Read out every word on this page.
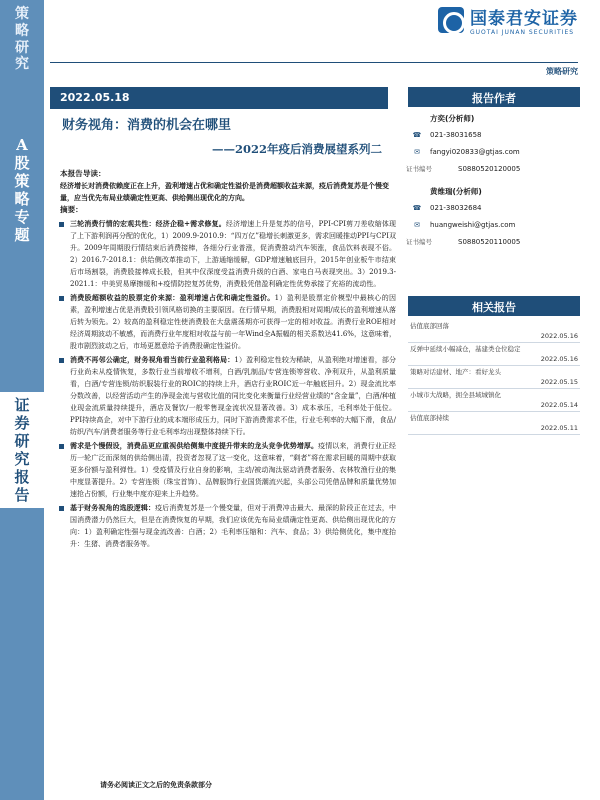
策
略
研
究
A
股
策
略
专
题
证
券
研
究
报
告
国泰君安证券
GUOTAI JUNAN SECURITIES
策略研究
2022.05.18
财务视角：消费的机会在哪里
——2022年疫后消费展望系列二
本报告导读：
经济增长对消费依赖度正在上升，盈利增速占优和确定性溢价是消费超额收益来源，疫后消费复苏是个慢变量，应当优先布局业绩确定性更高、供给侧出现优化的方向。
摘要：
三轮消费行情的宏观共性：经济企稳+需求修复。经济增速上升是复苏的信号，PPI-CPI剪刀差收缩体现了上下游利润再分配的优化，1）2009.9-2010.9：“四万亿”稳增长刺激更多，需求回暖推动PPI与CPI双升。2009年周期股行情结束后消费接棒，各细分行业普涨，促消费推动汽车领涨，食品饮料表现不俗。2）2016.7-2018.1：供给侧改革推动下，上游通缩缓解，GDP增速触底回升，2015年创业板牛市结束后市场割裂，消费股接棒成长股，但其中仅深度受益消费升级的白酒、家电白马表现突出。3）2019.3-2021.1：中美贸易摩擦缓和+疫情防控复苏优势，消费股凭借盈利确定性优势承接了充裕的流动性。
消费股超额收益的股票定价来源：盈利增速占优和确定性溢价。1）盈利是股票定价模型中最核心的因素，盈利增速占优是消费股引领风格切换的主要原因。在行情早期，消费股相对周期/成长的盈利增速从落后转为领先。2）较高的盈利稳定性使消费股在大盘震荡期亦可获得一定的相对收益。消费行业ROE相对经济周期波动不敏感，而消费行业年度相对收益与前一年Wind全A振幅的相关系数达41.6%，这意味着，股市剧烈波动之后，市场更愿意给予消费股确定性溢价。
消费不再邻公确定，财务视角看当前行业盈利格局：1）盈利稳定性较为稀缺，从盈利绝对增速看，部分行业尚未从疫情恢复，多数行业当前增收不增利，白酒/乳制品/专营连锁等营收、净利双升，从盈利质量看，白酒/专营连锁/纺织服装行业的ROIC的持续上升，酒店行业ROIC近一年触底回升。2）现金流比率分数改善，以经营活动产生的净现金流与营收比值的同比变化来衡量行业经营业绩的“含金量”，白酒/种植业现金流质量持续提升，酒店及餐饮/一般零售现金流状况显著改善。3）成本承压，毛利率处于低位。PPI持续高企，对中下游行业的成本端形成压力，同时下游消费需求不佳，行业毛利率的大幅下滑，食品/纺织/汽车/消费者服务等行业毛利率均出现整体持续下行。
需求是个慢假设，消费品更应重视供给侧集中度提升带来的龙头竞争优势增厚。疫情以来，消费行业正经历一轮广泛而深刻的供给侧出清，投资者忽视了这一变化，这意味着，“剩者”将在需求回暖的周期中获取更多份额与盈利弹性。1）受疫情及行业自身的影响，主动/被动淘汰驱动消费者服务、农林牧渔行业的集中度显著提升。2）专营连锁（珠宝首饰）、品牌服饰行业国货潮流兴起，头部公司凭借品牌和质量优势加速抢占份额，行业集中度亦迎来上升趋势。
基于财务视角的选股逻辑：疫后消费复苏是一个慢变量，但对于消费冲击最大、最深的阶段正在过去，中国消费潜力仍然巨大，但是在消费恢复的早期，我们应该优先布局业绩确定性更高、供给侧出现优化的方向：1）盈利确定性强与现金流改善：白酒；2）毛利率压缩和：汽车、食品；3）供给侧优化，集中度抬升：生猪、消费者服务等。
请务必阅读正文之后的免责条款部分
报告作者
方奕(分析师)
☎ 021-38031658
✉ fangyi020833@gtjas.com
证书编号	S0880520120005
黄维瑞(分析师)
☎ 021-38032684
✉ huangweishi@gtjas.com
证书编号	S0880520110005
相关报告
估值底部回落
2022.05.16
反弹中延续小幅减仓，基建类仓位稳定
2022.05.16
策略对话建材、地产：看好龙头
2022.05.15
小城市大战略，拥全县域城镇化
2022.05.14
估值底部持续
2022.05.11
